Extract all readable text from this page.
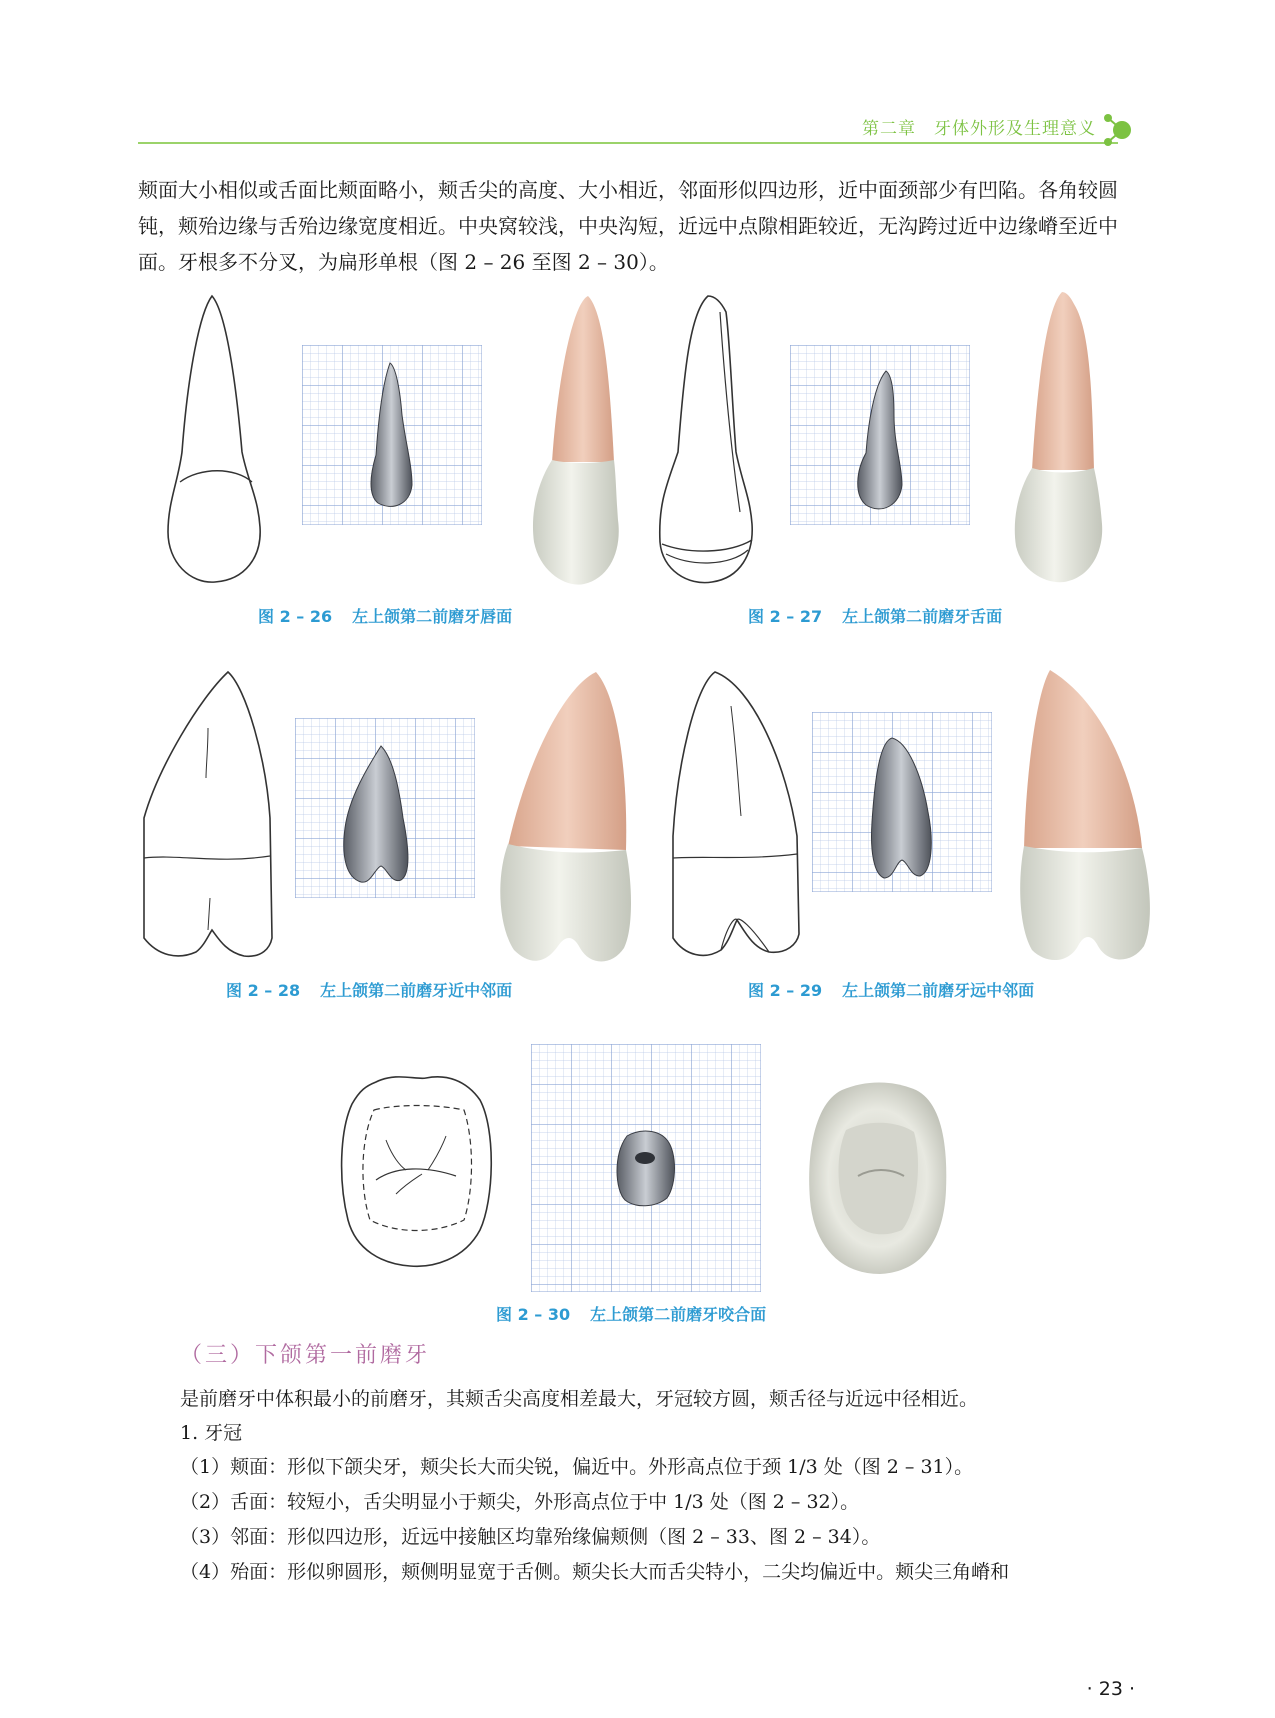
第二章　牙体外形及生理意义

颊面大小相似或舌面比颊面略小，颊舌尖的高度、大小相近，邻面形似四边形，近中面颈部少有凹陷。各角较圆钝，颊殆边缘与舌殆边缘宽度相近。中央窝较浅，中央沟短，近远中点隙相距较近，无沟跨过近中边缘嵴至近中面。牙根多不分叉，为扁形单根（图 2 – 26 至图 2 – 30）。

图 2 – 26 左上颌第二前磨牙唇面	图 2 – 27 左上颌第二前磨牙舌面
图 2 – 28 左上颌第二前磨牙近中邻面	图 2 – 29 左上颌第二前磨牙远中邻面
图 2 – 30 左上颌第二前磨牙咬合面
（三）下颌第一前磨牙
是前磨牙中体积最小的前磨牙，其颊舌尖高度相差最大，牙冠较方圆，颊舌径与近远中径相近。
1. 牙冠
（1）颊面：形似下颌尖牙，颊尖长大而尖锐，偏近中。外形高点位于颈 1/3 处（图 2 – 31）。
（2）舌面：较短小，舌尖明显小于颊尖，外形高点位于中 1/3 处（图 2 – 32）。
（3）邻面：形似四边形，近远中接触区均靠殆缘偏颊侧（图 2 – 33、图 2 – 34）。
（4）殆面：形似卵圆形，颊侧明显宽于舌侧。颊尖长大而舌尖特小，二尖均偏近中。颊尖三角嵴和
· 23 ·
